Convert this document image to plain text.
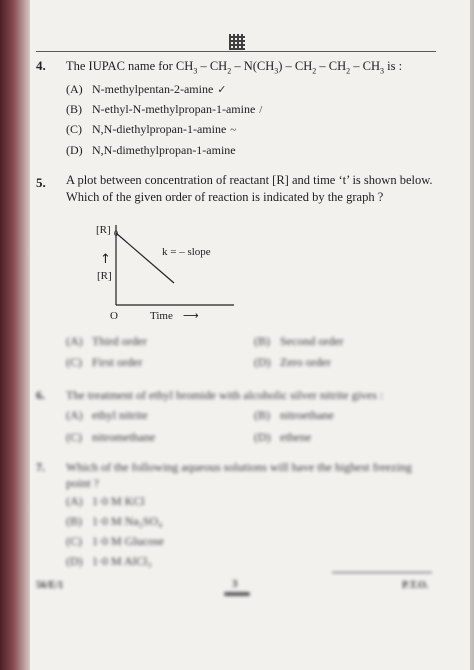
4. The IUPAC name for $CH_3 - CH_2 - N(CH_3) - CH_2 - CH_2 - CH_3$ is :
(A) N-methylpentan-2-amine ✓
(B) N-ethyl-N-methylpropan-1-amine /
(C) N,N-diethylpropan-1-amine ~
(D) N,N-dimethylpropan-1-amine
5. A plot between concentration of reactant [R] and time ‘t’ is shown below.
Which of the given order of reaction is indicated by the graph ?
[R] 0
↑
[R]
O	Time ⟶
k = – slope
(A) Third order	(B) Second order
(C) First order	(D) Zero order
6. The treatment of ethyl bromide with alcoholic silver nitrite gives :
(A) ethyl nitrite	(B) nitroethane
(C) nitromethane	(D) ethene
7. Which of the following aqueous solutions will have the highest freezing
point ?
(A) 1·0 M KCl
(B) 1·0 M Na₂SO₄
(C) 1·0 M Glucose
(D) 1·0 M AlCl₃
56/E/1	3	P.T.O.
